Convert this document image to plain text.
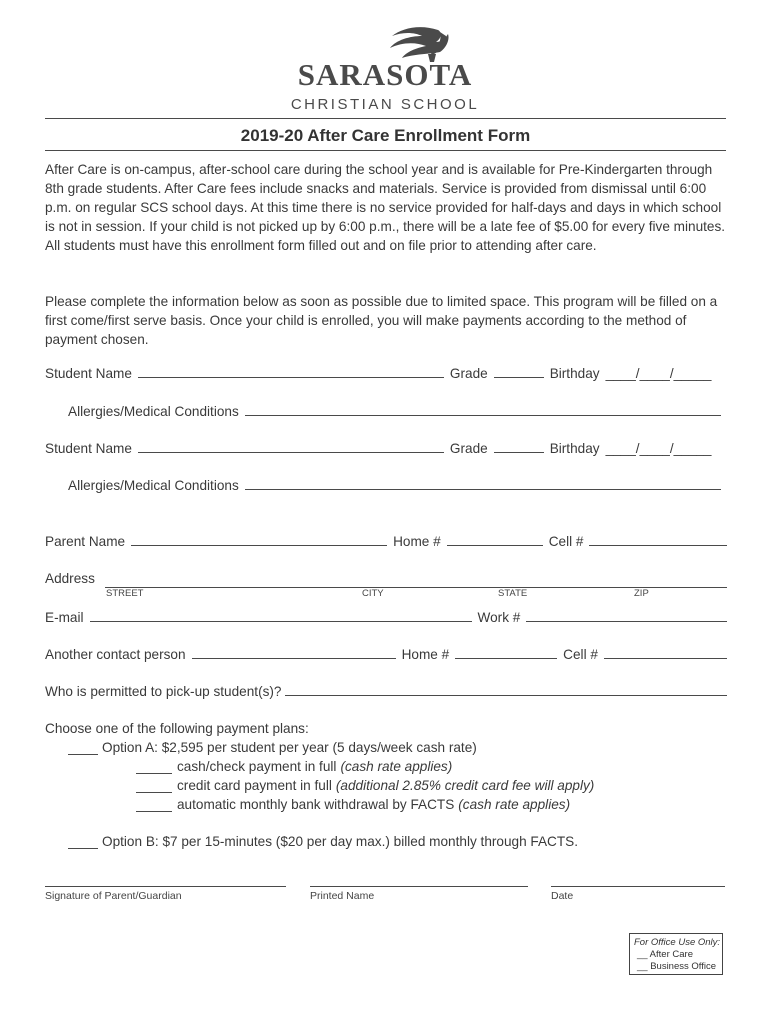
SARASOTA
CHRISTIAN SCHOOL
2019-20 After Care Enrollment Form
After Care is on-campus, after-school care during the school year and is available for Pre-Kindergarten through 8th grade students. After Care fees include snacks and materials. Service is provided from dismissal until 6:00 p.m. on regular SCS school days. At this time there is no service provided for half-days and days in which school is not in session. If your child is not picked up by 6:00 p.m., there will be a late fee of $5.00 for every five minutes. All students must have this enrollment form filled out and on file prior to attending after care.
Please complete the information below as soon as possible due to limited space. This program will be filled on a first come/first serve basis. Once your child is enrolled, you will make payments according to the method of payment chosen.
Student Name	Grade	Birthday ____/____/_____
Allergies/Medical Conditions
Student Name	Grade	Birthday ____/____/_____
Allergies/Medical Conditions
Parent Name	Home #	Cell #
Address
STREET	CITY	STATE	ZIP
E-mail	Work #
Another contact person	Home #	Cell #
Who is permitted to pick-up student(s)?
Choose one of the following payment plans:
Option A: $2,595 per student per year (5 days/week cash rate)
cash/check payment in full (cash rate applies)
credit card payment in full (additional 2.85% credit card fee will apply)
automatic monthly bank withdrawal by FACTS (cash rate applies)
Option B: $7 per 15-minutes ($20 per day max.) billed monthly through FACTS.
Signature of Parent/Guardian	Printed Name	Date
For Office Use Only:
__ After Care
__ Business Office
